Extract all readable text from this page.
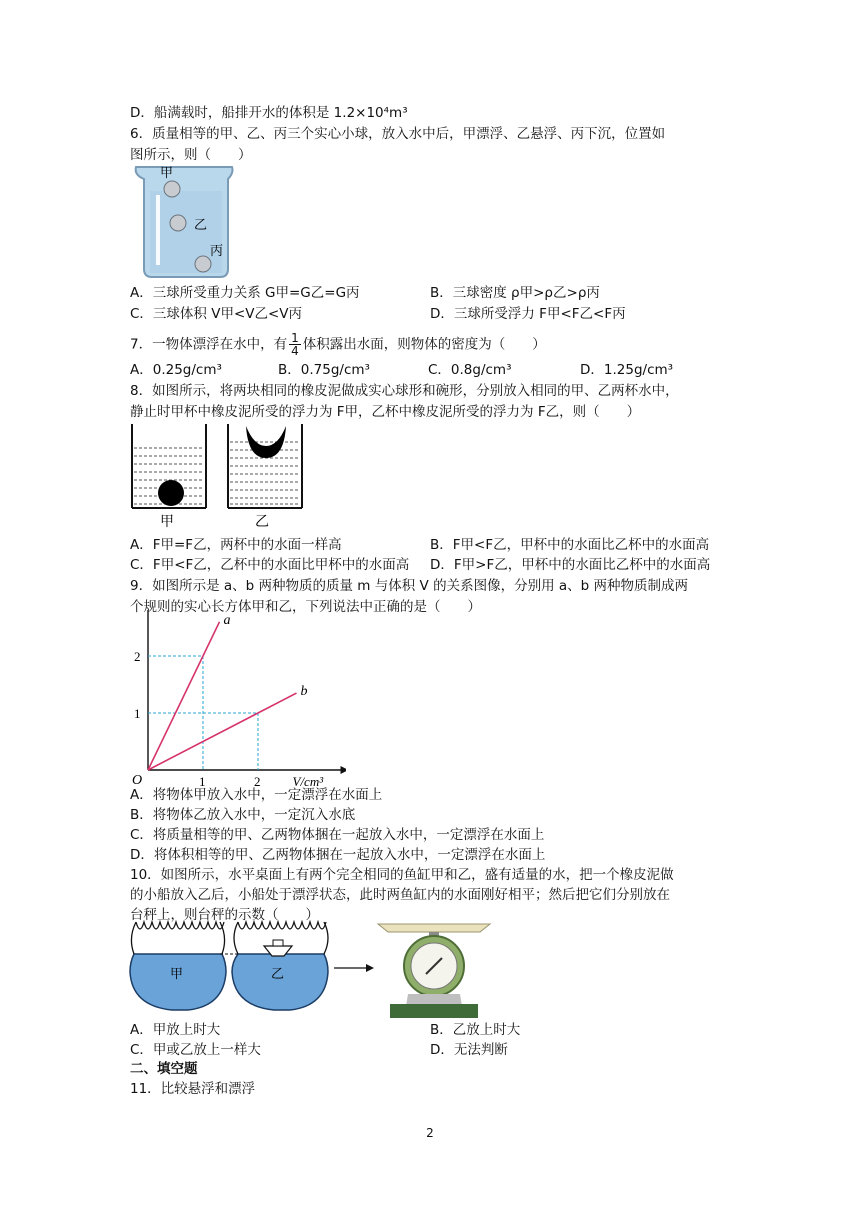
D．船满载时，船排开水的体积是 1.2×10⁴m³
6．质量相等的甲、乙、丙三个实心小球，放入水中后，甲漂浮、乙悬浮、丙下沉，位置如
图所示，则（　　）
甲
乙
丙
A．三球所受重力关系 G甲=G乙=G丙	B．三球密度 ρ甲>ρ乙>ρ丙
C．三球体积 V甲<V乙<V丙	D．三球所受浮力 F甲<F乙<F丙
7．一物体漂浮在水中，有 $\frac{1}{4}$ 体积露出水面，则物体的密度为（　　）
A．0.25g/cm³	B．0.75g/cm³	C．0.8g/cm³	D．1.25g/cm³
8．如图所示，将两块相同的橡皮泥做成实心球形和碗形，分别放入相同的甲、乙两杯水中，
静止时甲杯中橡皮泥所受的浮力为 F甲，乙杯中橡皮泥所受的浮力为 F乙，则（　　）
甲	乙
A．F甲=F乙，两杯中的水面一样高	B．F甲<F乙，甲杯中的水面比乙杯中的水面高
C．F甲<F乙，乙杯中的水面比甲杯中的水面高 D．F甲>F乙，甲杯中的水面比乙杯中的水面高
9．如图所示是 a、b 两种物质的质量 m 与体积 V 的关系图像，分别用 a、b 两种物质制成两
个规则的实心长方体甲和乙，下列说法中正确的是（　　）
1	2
1
2
a
b
V/cm³
O
A．将物体甲放入水中，一定漂浮在水面上
B．将物体乙放入水中，一定沉入水底
C．将质量相等的甲、乙两物体捆在一起放入水中，一定漂浮在水面上
D．将体积相等的甲、乙两物体捆在一起放入水中，一定漂浮在水面上
10．如图所示，水平桌面上有两个完全相同的鱼缸甲和乙，盛有适量的水，把一个橡皮泥做
的小船放入乙后，小船处于漂浮状态，此时两鱼缸内的水面刚好相平；然后把它们分别放在
台秤上，则台秤的示数（　　）
甲	乙
A．甲放上时大	B．乙放上时大
C．甲或乙放上一样大	D．无法判断
二、填空题
11．比较悬浮和漂浮
2
